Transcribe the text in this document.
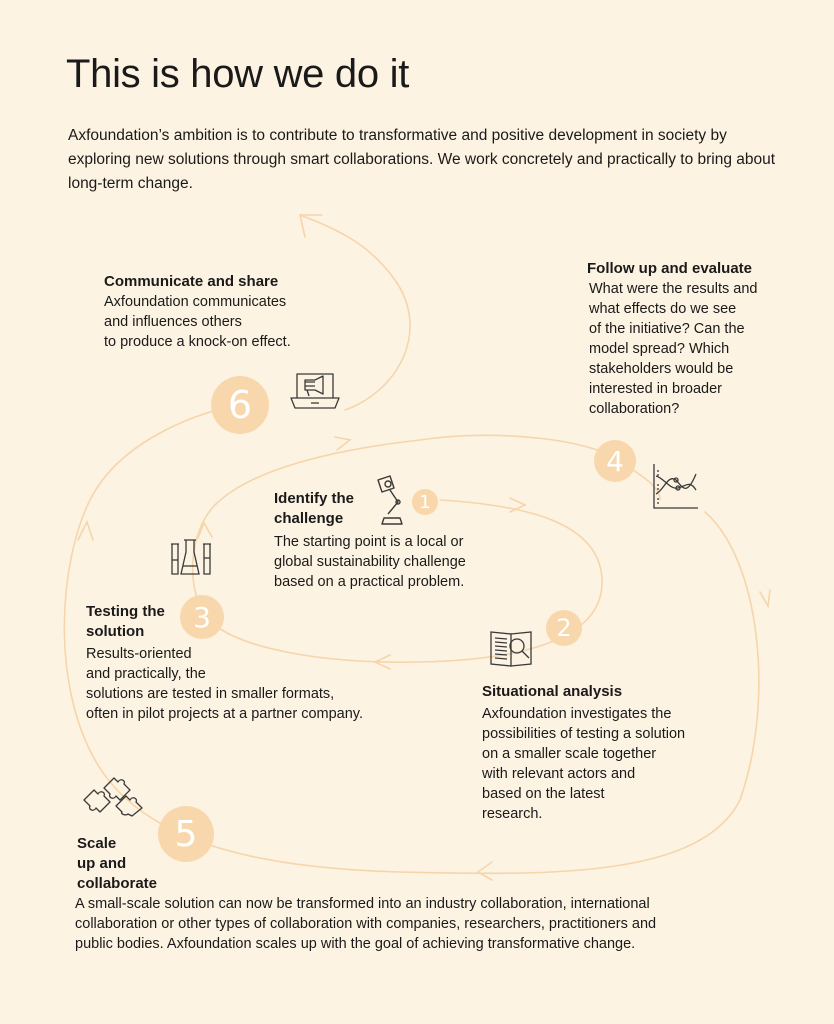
This is how we do it

Axfoundation’s ambition is to contribute to transformative and positive development in society by exploring new solutions through smart collaborations. We work concretely and practically to bring about long-term change.

1
2
3
4
5
6

Communicate and share

Axfoundation communicates
and influences others
to produce a knock-on effect.

Follow up and evaluate

What were the results and
what effects do we see
of the initiative? Can the
model spread? Which
stakeholders would be
interested in broader
collaboration?

Identify the
challenge

The starting point is a local or
global sustainability challenge
based on a practical problem.

Testing the
solution

Results-oriented
and practically, the
solutions are tested in smaller formats,
often in pilot projects at a partner company.

Situational analysis

Axfoundation investigates the
possibilities of testing a solution
on a smaller scale together
with relevant actors and
based on the latest
research.

Scale
up and
collaborate

A small-scale solution can now be transformed into an industry collaboration, international
collaboration or other types of collaboration with companies, researchers, practitioners and
public bodies. Axfoundation scales up with the goal of achieving transformative change.
